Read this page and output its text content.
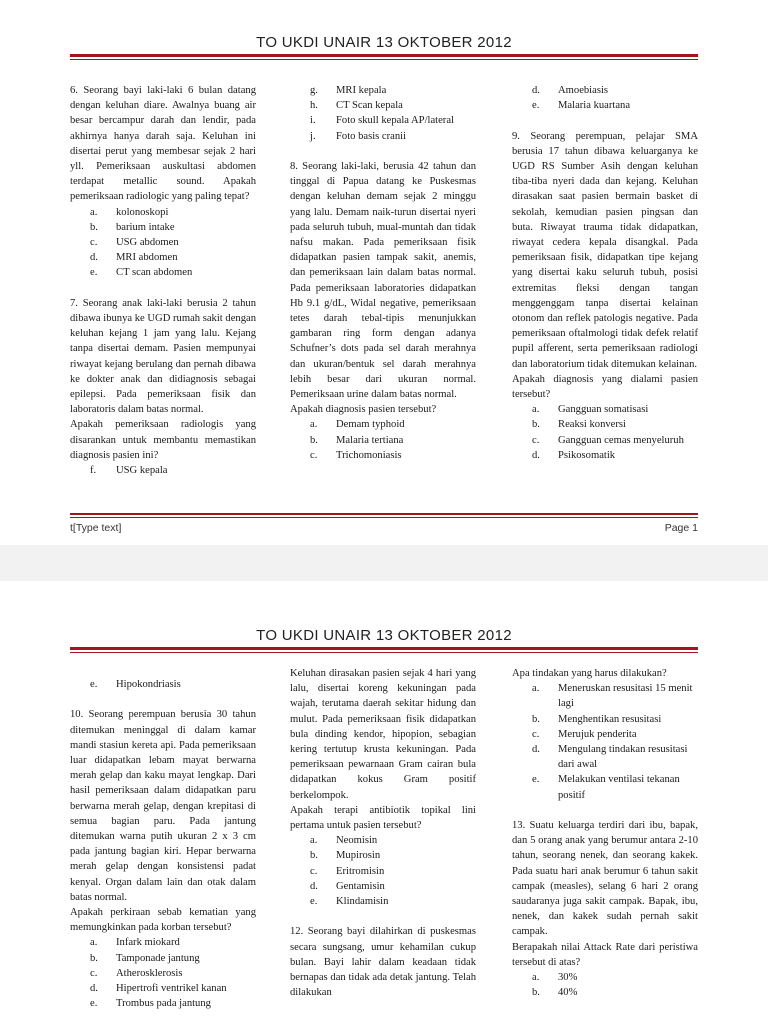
TO UKDI UNAIR 13 OKTOBER 2012

6. Seorang bayi laki-laki 6 bulan datang dengan keluhan diare. Awalnya buang air besar bercampur darah dan lendir, pada akhirnya hanya darah saja. Keluhan ini disertai perut yang membesar sejak 2 hari yll. Pemeriksaan auskultasi abdomen terdapat metallic sound. Apakah pemeriksaan radiologic yang paling tepat?

a.	kolonoskopi
b.	barium intake
c.	USG abdomen
d.	MRI abdomen
e.	CT scan abdomen

7. Seorang anak laki-laki berusia 2 tahun dibawa ibunya ke UGD rumah sakit dengan keluhan kejang 1 jam yang lalu. Kejang tanpa disertai demam. Pasien mempunyai riwayat kejang berulang dan pernah dibawa ke dokter anak dan didiagnosis sebagai epilepsi. Pada pemeriksaan fisik dan laboratoris dalam batas normal.

Apakah pemeriksaan radiologis yang disarankan untuk membantu memastikan diagnosis pasien ini?

f.	USG kepala
g.	MRI kepala
h.	CT Scan kepala
i.	Foto skull kepala AP/lateral
j.	Foto basis cranii

8. Seorang laki-laki, berusia 42 tahun dan tinggal di Papua datang ke Puskesmas dengan keluhan demam sejak 2 minggu yang lalu. Demam naik-turun disertai nyeri pada seluruh tubuh, mual-muntah dan tidak nafsu makan. Pada pemeriksaan fisik didapatkan pasien tampak sakit, anemis, dan pemeriksaan lain dalam batas normal. Pada pemeriksaan laboratories didapatkan Hb 9.1 g/dL, Widal negative, pemeriksaan tetes darah tebal-tipis menunjukkan gambaran ring form dengan adanya Schufner’s dots pada sel darah merahnya dan ukuran/bentuk sel darah merahnya lebih besar dari ukuran normal. Pemeriksaan urine dalam batas normal.

Apakah diagnosis pasien tersebut?

a.	Demam typhoid
b.	Malaria tertiana
c.	Trichomoniasis
d.	Amoebiasis
e.	Malaria kuartana

9. Seorang perempuan, pelajar SMA berusia 17 tahun dibawa keluarganya ke UGD RS Sumber Asih dengan keluhan tiba-tiba nyeri dada dan kejang. Keluhan dirasakan saat pasien bermain basket di sekolah, kemudian pasien pingsan dan buta. Riwayat trauma tidak didapatkan, riwayat cedera kepala disangkal. Pada pemeriksaan fisik, didapatkan tipe kejang yang disertai kaku seluruh tubuh, posisi extremitas fleksi dengan tangan menggenggam tanpa disertai kelainan otonom dan reflek patologis negative. Pada pemeriksaan oftalmologi tidak defek relatif pupil afferent, serta pemeriksaan radiologi dan laboratorium tidak ditemukan kelainan.

Apakah diagnosis yang dialami pasien tersebut?

a.	Gangguan somatisasi
b.	Reaksi konversi
c.	Gangguan cemas menyeluruh
d.	Psikosomatik
t[Type text]	Page 1
TO UKDI UNAIR 13 OKTOBER 2012
e.	Hipokondriasis

10. Seorang perempuan berusia 30 tahun ditemukan meninggal di dalam kamar mandi stasiun kereta api. Pada pemeriksaan luar didapatkan lebam mayat berwarna merah gelap dan kaku mayat lengkap. Dari hasil pemeriksaan dalam didapatkan paru berwarna merah gelap, dengan krepitasi di semua bagian paru. Pada jantung ditemukan warna putih ukuran 2 x 3 cm pada jantung bagian kiri. Hepar berwarna merah gelap dengan konsistensi padat kenyal. Organ dalam lain dan otak dalam batas normal.

Apakah perkiraan sebab kematian yang memungkinkan pada korban tersebut?

a.	Infark miokard
b.	Tamponade jantung
c.	Atherosklerosis
d.	Hipertrofi ventrikel kanan
e.	Trombus pada jantung

Keluhan dirasakan pasien sejak 4 hari yang lalu, disertai koreng kekuningan pada wajah, terutama daerah sekitar hidung dan mulut. Pada pemeriksaan fisik didapatkan bula dinding kendor, hipopion, sebagian kering tertutup krusta kekuningan. Pada pemeriksaan pewarnaan Gram cairan bula didapatkan kokus Gram positif berkelompok.

Apakah terapi antibiotik topikal lini pertama untuk pasien tersebut?

a.	Neomisin
b.	Mupirosin
c.	Eritromisin
d.	Gentamisin
e.	Klindamisin

12. Seorang bayi dilahirkan di puskesmas secara sungsang, umur kehamilan cukup bulan. Bayi lahir dalam keadaan tidak bernapas dan tidak ada detak jantung. Telah dilakukan

Apa tindakan yang harus dilakukan?

a.	Meneruskan resusitasi 15 menit lagi
b.	Menghentikan resusitasi
c.	Merujuk penderita
d.	Mengulang tindakan resusitasi dari awal
e.	Melakukan ventilasi tekanan positif

13. Suatu keluarga terdiri dari ibu, bapak, dan 5 orang anak yang berumur antara 2-10 tahun, seorang nenek, dan seorang kakek. Pada suatu hari anak berumur 6 tahun sakit campak (measles), selang 6 hari 2 orang saudaranya juga sakit campak. Bapak, ibu, nenek, dan kakek sudah pernah sakit campak.

Berapakah nilai Attack Rate dari peristiwa tersebut di atas?

a.	30%
b.	40%
